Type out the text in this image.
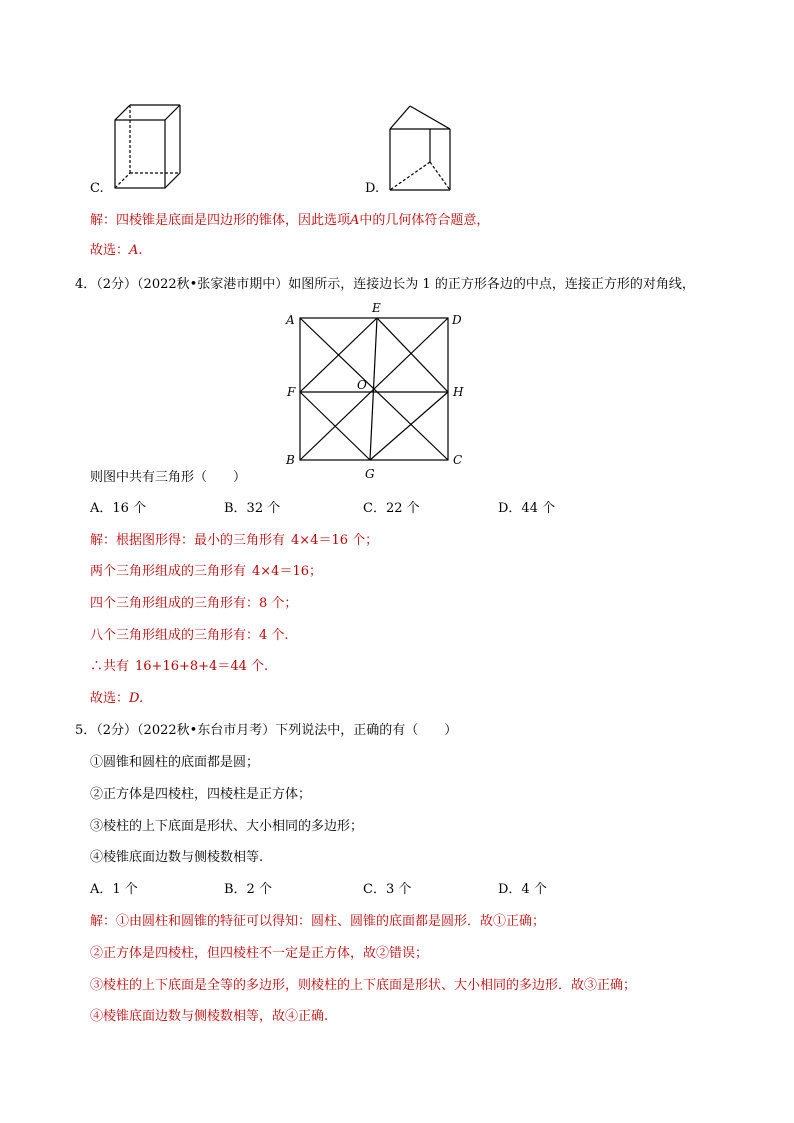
C.	D.
解：四棱锥是底面是四边形的锥体，因此选项A中的几何体符合题意，
故选：A.
4．（2分）（2022秋•张家港市期中）如图所示，连接边长为 1 的正方形各边的中点，连接正方形的对角线，
A
E
D
F	O	H
B
G
C
则图中共有三角形（　　）
A．16 个	B．32 个	C．22 个	D．44 个
解：根据图形得：最小的三角形有 4×4＝16 个；
两个三角形组成的三角形有 4×4＝16；
四个三角形组成的三角形有：8 个；
八个三角形组成的三角形有：4 个.
∴共有 16+16+8+4＝44 个.
故选：D.
5．（2分）（2022秋•东台市月考）下列说法中，正确的有（　　）
①圆锥和圆柱的底面都是圆；
②正方体是四棱柱，四棱柱是正方体；
③棱柱的上下底面是形状、大小相同的多边形；
④棱锥底面边数与侧棱数相等.
A．1 个	B．2 个	C．3 个	D．4 个
解：①由圆柱和圆锥的特征可以得知：圆柱、圆锥的底面都是圆形．故①正确；
②正方体是四棱柱，但四棱柱不一定是正方体，故②错误；
③棱柱的上下底面是全等的多边形，则棱柱的上下底面是形状、大小相同的多边形．故③正确；
④棱锥底面边数与侧棱数相等，故④正确.
